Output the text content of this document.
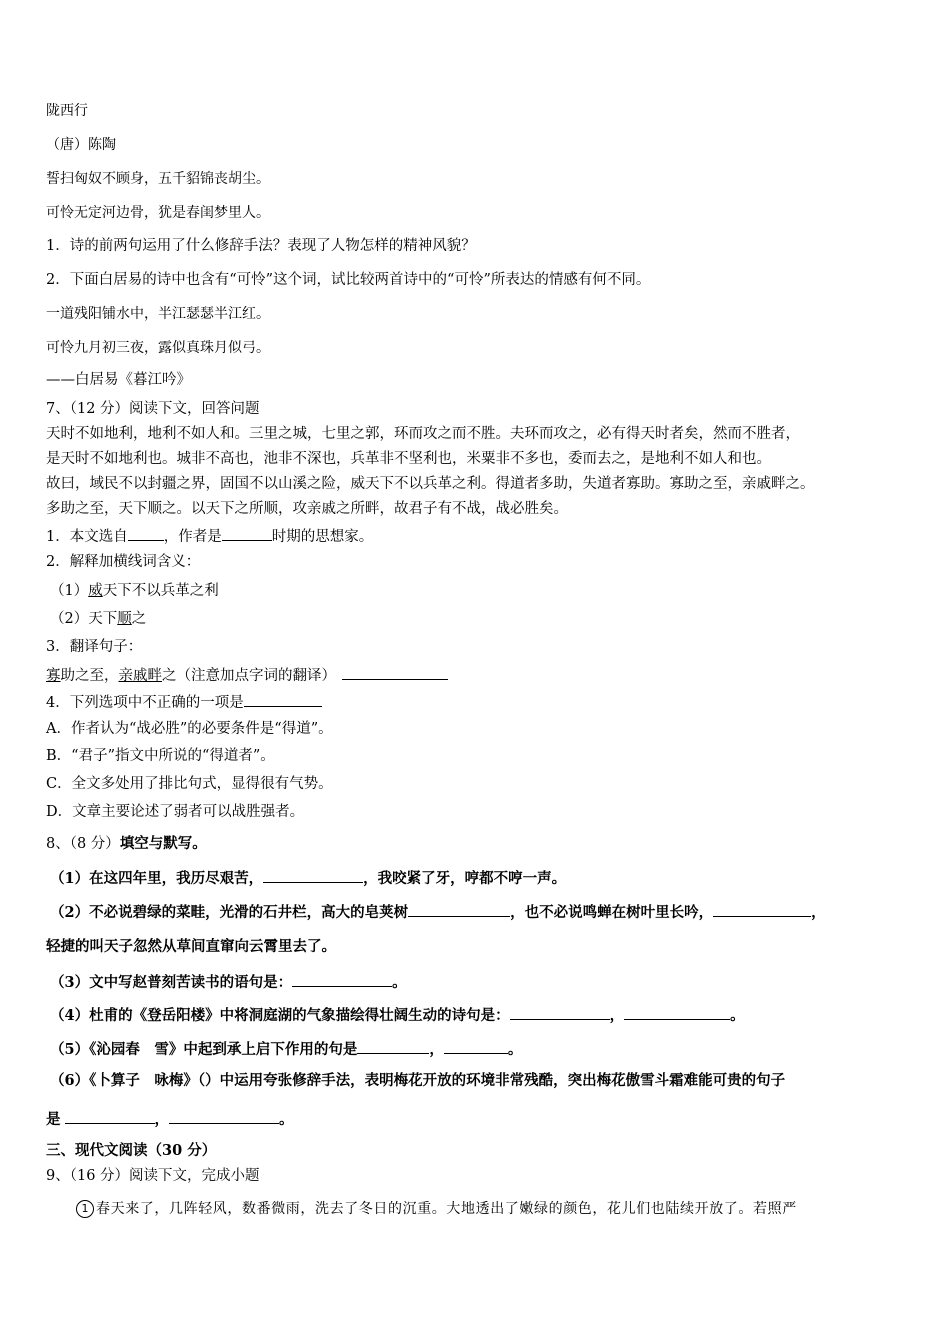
陇西行
（唐）陈陶
誓扫匈奴不顾身，五千貂锦丧胡尘。
可怜无定河边骨，犹是春闺梦里人。
1．诗的前两句运用了什么修辞手法？表现了人物怎样的精神风貌？
2．下面白居易的诗中也含有“可怜”这个词，试比较两首诗中的“可怜”所表达的情感有何不同。
一道残阳铺水中，半江瑟瑟半江红。
可怜九月初三夜，露似真珠月似弓。
——白居易《暮江吟》
7、（12 分）阅读下文，回答问题
天时不如地利，地利不如人和。三里之城，七里之郭，环而攻之而不胜。夫环而攻之，必有得天时者矣，然而不胜者，
是天时不如地利也。城非不高也，池非不深也，兵革非不坚利也，米粟非不多也，委而去之，是地利不如人和也。
故曰，域民不以封疆之界，固国不以山溪之险，威天下不以兵革之利。得道者多助，失道者寡助。寡助之至，亲戚畔之。
多助之至，天下顺之。以天下之所顺，攻亲戚之所畔，故君子有不战，战必胜矣。
1．本文选自 ，作者是	时期的思想家。
2．解释加横线词含义：
（1）威天下不以兵革之利
（2）天下顺之
3．翻译句子：
寡助之至，亲戚畔之（注意加点字词的翻译）
4．下列选项中不正确的一项是
A．作者认为“战必胜”的必要条件是“得道”。
B．“君子”指文中所说的“得道者”。
C．全文多处用了排比句式，显得很有气势。
D．文章主要论述了弱者可以战胜强者。
8、（8 分）填空与默写。
（1）在这四年里，我历尽艰苦，	，我咬紧了牙，哼都不哼一声。
（2）不必说碧绿的菜畦，光滑的石井栏，高大的皂荚树	，也不必说鸣蝉在树叶里长吟，	，
轻捷的叫天子忽然从草间直窜向云霄里去了。
（3）文中写赵普刻苦读书的语句是：	。
（4）杜甫的《登岳阳楼》中将洞庭湖的气象描绘得壮阔生动的诗句是：	，	。
（5）《沁园春　雪》中起到承上启下作用的句是	，	。
（6）《卜算子　咏梅》（）中运用夸张修辞手法，表明梅花开放的环境非常残酷，突出梅花傲雪斗霜难能可贵的句子
是	，	。
三、现代文阅读（30 分）
9、（16 分）阅读下文，完成小题
1 春天来了，几阵轻风，数番微雨，洗去了冬日的沉重。大地透出了嫩绿的颜色，花儿们也陆续开放了。若照严
